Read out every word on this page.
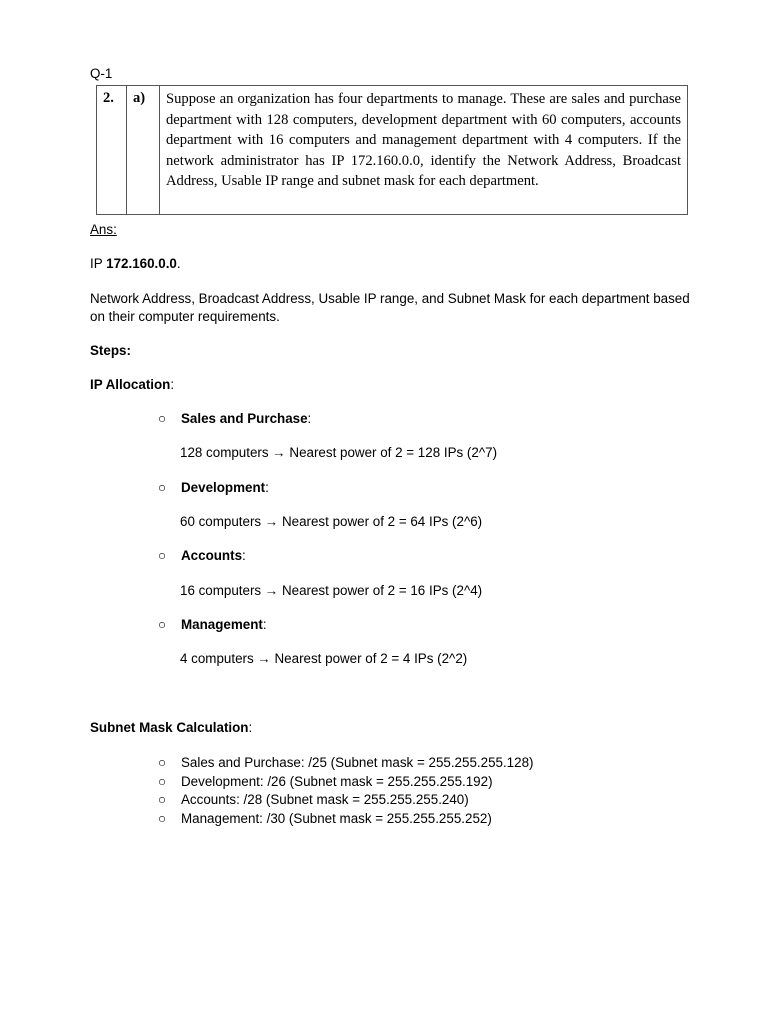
Q-1
2.	a)	Suppose an organization has four departments to manage. These are sales and purchase department with 128 computers, development department with 60 computers, accounts department with 16 computers and management department with 4 computers. If the network administrator has IP 172.160.0.0, identify the Network Address, Broadcast Address, Usable IP range and subnet mask for each department.
Ans:
IP 172.160.0.0.
Network Address, Broadcast Address, Usable IP range, and Subnet Mask for each department based on their computer requirements.
Steps:
IP Allocation:
○ Sales and Purchase:
128 computers → Nearest power of 2 = 128 IPs (2^7)
○ Development:
60 computers → Nearest power of 2 = 64 IPs (2^6)
○ Accounts:
16 computers → Nearest power of 2 = 16 IPs (2^4)
○ Management:
4 computers → Nearest power of 2 = 4 IPs (2^2)
Subnet Mask Calculation:
○ Sales and Purchase: /25 (Subnet mask = 255.255.255.128)
○ Development: /26 (Subnet mask = 255.255.255.192)
○ Accounts: /28 (Subnet mask = 255.255.255.240)
○ Management: /30 (Subnet mask = 255.255.255.252)
